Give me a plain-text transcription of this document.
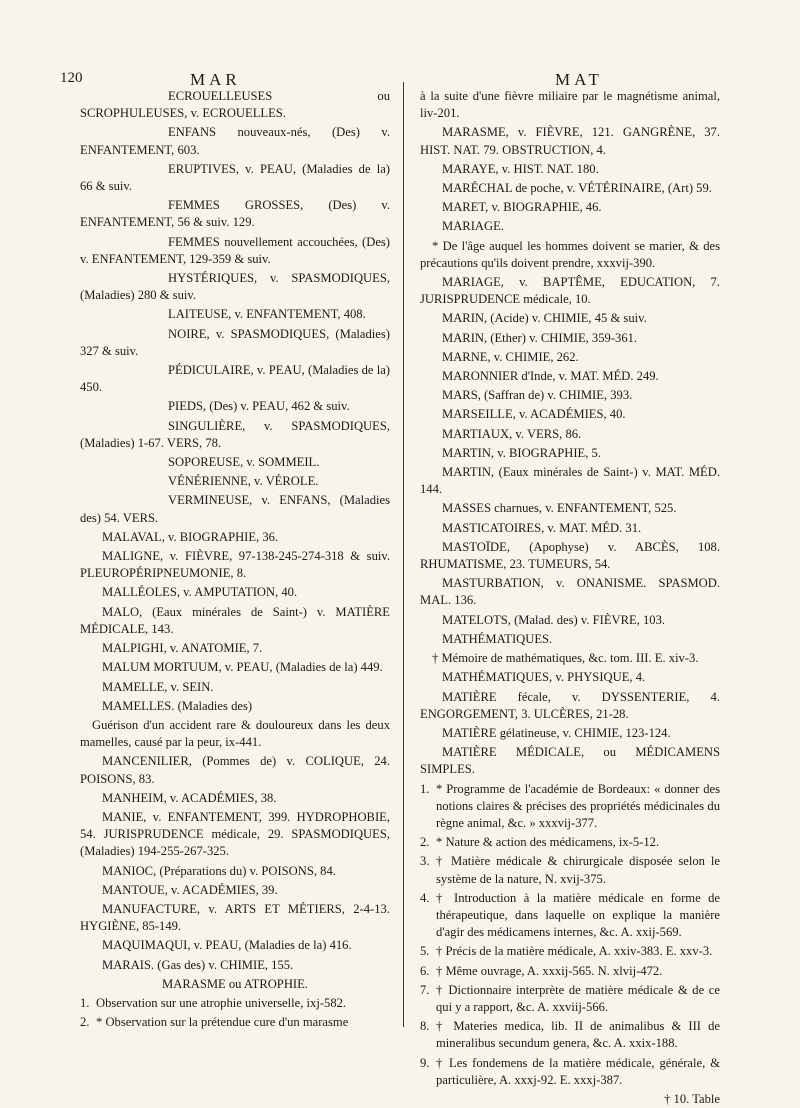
120	MAR	MAT

ECROUELLEUSES ou SCROPHULEUSES, v. ECROUELLES.

ENFANS nouveaux-nés, (Des) v. ENFANTEMENT, 603.

ERUPTIVES, v. PEAU, (Maladies de la) 66 & suiv.

FEMMES GROSSES, (Des) v. ENFANTEMENT, 56 & suiv. 129.

FEMMES nouvellement accouchées, (Des) v. ENFANTEMENT, 129-359 & suiv.

HYSTÉRIQUES, v. SPASMODIQUES, (Maladies) 280 & suiv.

LAITEUSE, v. ENFANTEMENT, 408.

NOIRE, v. SPASMODIQUES, (Maladies) 327 & suiv.

PÉDICULAIRE, v. PEAU, (Maladies de la) 450.

PIEDS, (Des) v. PEAU, 462 & suiv.

SINGULIÈRE, v. SPASMODIQUES, (Maladies) 1-67. VERS, 78.

SOPOREUSE, v. SOMMEIL.

VÉNÉRIENNE, v. VÉROLE.

VERMINEUSE, v. ENFANS, (Maladies des) 54. VERS.

MALAVAL, v. BIOGRAPHIE, 36.

MALIGNE, v. FIÈVRE, 97-138-245-274-318 & suiv. PLEUROPÉRIPNEUMONIE, 8.

MALLÉOLES, v. AMPUTATION, 40.

MALO, (Eaux minérales de Saint-) v. MATIÈRE MÉDICALE, 143.

MALPIGHI, v. ANATOMIE, 7.

MALUM MORTUUM, v. PEAU, (Maladies de la) 449.

MAMELLE, v. SEIN.

MAMELLES. (Maladies des)

Guérison d'un accident rare & douloureux dans les deux mamelles, causé par la peur, ix-441.

MANCENILIER, (Pommes de) v. COLIQUE, 24. POISONS, 83.

MANHEIM, v. ACADÉMIES, 38.

MANIE, v. ENFANTEMENT, 399. HYDROPHOBIE, 54. JURISPRUDENCE médicale, 29. SPASMODIQUES, (Maladies) 194-255-267-325.

MANIOC, (Préparations du) v. POISONS, 84.

MANTOUE, v. ACADÉMIES, 39.

MANUFACTURE, v. ARTS ET MÉTIERS, 2-4-13. HYGIÈNE, 85-149.

MAQUIMAQUI, v. PEAU, (Maladies de la) 416.

MARAIS. (Gas des) v. CHIMIE, 155.

MARASME ou ATROPHIE.

1. Observation sur une atrophie universelle, ixj-582.

2. * Observation sur la prétendue cure d'un marasme

à la suite d'une fièvre miliaire par le magnétisme animal, liv-201.

MARASME, v. FIÈVRE, 121. GANGRÈNE, 37. HIST. NAT. 79. OBSTRUCTION, 4.

MARAYE, v. HIST. NAT. 180.

MARÉCHAL de poche, v. VÉTÉRINAIRE, (Art) 59.

MARET, v. BIOGRAPHIE, 46.

MARIAGE.

* De l'âge auquel les hommes doivent se marier, & des précautions qu'ils doivent prendre, xxxvij-390.

MARIAGE, v. BAPTÊME, EDUCATION, 7. JURISPRUDENCE médicale, 10.

MARIN, (Acide) v. CHIMIE, 45 & suiv.

MARIN, (Ether) v. CHIMIE, 359-361.

MARNE, v. CHIMIE, 262.

MARONNIER d'Inde, v. MAT. MÉD. 249.

MARS, (Saffran de) v. CHIMIE, 393.

MARSEILLE, v. ACADÉMIES, 40.

MARTIAUX, v. VERS, 86.

MARTIN, v. BIOGRAPHIE, 5.

MARTIN, (Eaux minérales de Saint-) v. MAT. MÉD. 144.

MASSES charnues, v. ENFANTEMENT, 525.

MASTICATOIRES, v. MAT. MÉD. 31.

MASTOÏDE, (Apophyse) v. ABCÈS, 108. RHUMATISME, 23. TUMEURS, 54.

MASTURBATION, v. ONANISME. SPASMOD. MAL. 136.

MATELOTS, (Malad. des) v. FIÈVRE, 103.

MATHÉMATIQUES.

† Mémoire de mathématiques, &c. tom. III. E. xiv-3.

MATHÉMATIQUES, v. PHYSIQUE, 4.

MATIÈRE fécale, v. DYSSENTERIE, 4. ENGORGEMENT, 3. ULCÈRES, 21-28.

MATIÈRE gélatineuse, v. CHIMIE, 123-124.

MATIÈRE MÉDICALE, ou MÉDICAMENS SIMPLES.

1. * Programme de l'académie de Bordeaux: « donner des notions claires & précises des propriétés médicinales du règne animal, &c. » xxxvij-377.

2. * Nature & action des médicamens, ix-5-12.

3. † Matière médicale & chirurgicale disposée selon le système de la nature, N. xvij-375.

4. † Introduction à la matière médicale en forme de thérapeutique, dans laquelle on explique la manière d'agir des médicamens internes, &c. A. xxij-569.

5. † Précis de la matière médicale, A. xxiv-383. E. xxv-3.

6. † Même ouvrage, A. xxxij-565. N. xlvij-472.

7. † Dictionnaire interprète de matière médicale & de ce qui y a rapport, &c. A. xxviij-566.

8. † Materies medica, lib. II de animalibus & III de mineralibus secundum genera, &c. A. xxix-188.

9. † Les fondemens de la matière médicale, générale, & particulière, A. xxxj-92. E. xxxj-387.

† 10. Table
